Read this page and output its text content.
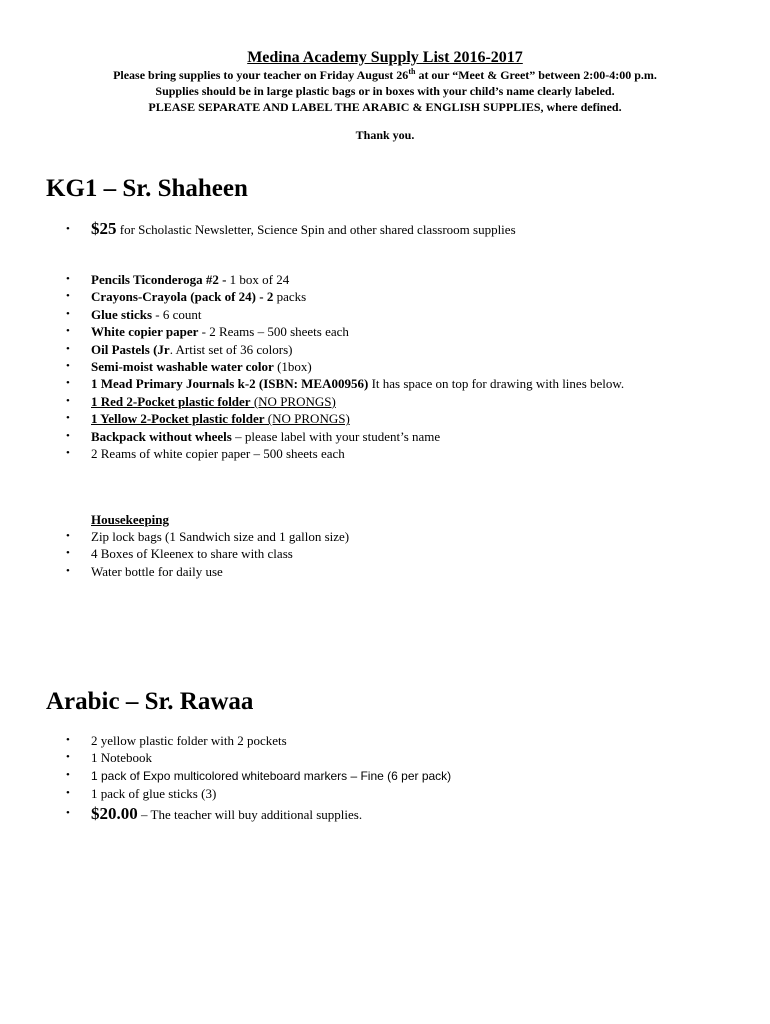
Medina Academy Supply List 2016-2017
Please bring supplies to your teacher on Friday August 26th at our “Meet & Greet” between 2:00-4:00 p.m.
Supplies should be in large plastic bags or in boxes with your child’s name clearly labeled.
PLEASE SEPARATE AND LABEL THE ARABIC & ENGLISH SUPPLIES, where defined.
Thank you.
KG1 – Sr. Shaheen
• $25 for Scholastic Newsletter, Science Spin and other shared classroom supplies
• Pencils Ticonderoga #2 - 1 box of 24
• Crayons-Crayola (pack of 24) - 2 packs
• Glue sticks - 6 count
• White copier paper - 2 Reams – 500 sheets each
• Oil Pastels (Jr. Artist set of 36 colors)
• Semi-moist washable water color (1box)
• 1 Mead Primary Journals k-2 (ISBN: MEA00956) It has space on top for drawing with lines below.
• 1 Red 2-Pocket plastic folder (NO PRONGS)
• 1 Yellow 2-Pocket plastic folder (NO PRONGS)
• Backpack without wheels – please label with your student’s name
• 2 Reams of white copier paper – 500 sheets each
Housekeeping
• Zip lock bags (1 Sandwich size and 1 gallon size)
• 4 Boxes of Kleenex to share with class
• Water bottle for daily use
Arabic – Sr. Rawaa
• 2 yellow plastic folder with 2 pockets
• 1 Notebook
• 1 pack of Expo multicolored whiteboard markers – Fine (6 per pack)
• 1 pack of glue sticks (3)
• $20.00 – The teacher will buy additional supplies.
